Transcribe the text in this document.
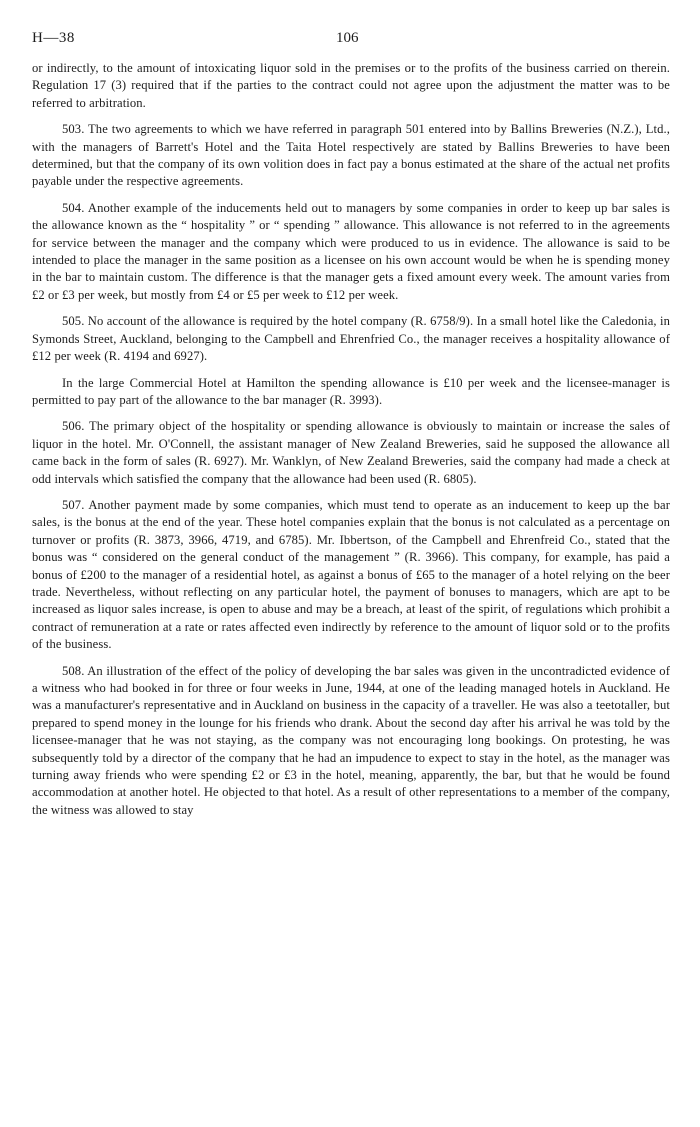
H—38	106

or indirectly, to the amount of intoxicating liquor sold in the premises or to the profits of the business carried on therein. Regulation 17 (3) required that if the parties to the contract could not agree upon the adjustment the matter was to be referred to arbitration.

503. The two agreements to which we have referred in paragraph 501 entered into by Ballins Breweries (N.Z.), Ltd., with the managers of Barrett's Hotel and the Taita Hotel respectively are stated by Ballins Breweries to have been determined, but that the company of its own volition does in fact pay a bonus estimated at the share of the actual net profits payable under the respective agreements.

504. Another example of the inducements held out to managers by some companies in order to keep up bar sales is the allowance known as the “ hospitality ” or “ spending ” allowance. This allowance is not referred to in the agreements for service between the manager and the company which were produced to us in evidence. The allowance is said to be intended to place the manager in the same position as a licensee on his own account would be when he is spending money in the bar to maintain custom. The difference is that the manager gets a fixed amount every week. The amount varies from £2 or £3 per week, but mostly from £4 or £5 per week to £12 per week.

505. No account of the allowance is required by the hotel company (R. 6758/9). In a small hotel like the Caledonia, in Symonds Street, Auckland, belonging to the Campbell and Ehrenfried Co., the manager receives a hospitality allowance of £12 per week (R. 4194 and 6927).

In the large Commercial Hotel at Hamilton the spending allowance is £10 per week and the licensee-manager is permitted to pay part of the allowance to the bar manager (R. 3993).

506. The primary object of the hospitality or spending allowance is obviously to maintain or increase the sales of liquor in the hotel. Mr. O'Connell, the assistant manager of New Zealand Breweries, said he supposed the allowance all came back in the form of sales (R. 6927). Mr. Wanklyn, of New Zealand Breweries, said the company had made a check at odd intervals which satisfied the company that the allowance had been used (R. 6805).

507. Another payment made by some companies, which must tend to operate as an inducement to keep up the bar sales, is the bonus at the end of the year. These hotel companies explain that the bonus is not calculated as a percentage on turnover or profits (R. 3873, 3966, 4719, and 6785). Mr. Ibbertson, of the Campbell and Ehrenfreid Co., stated that the bonus was “ considered on the general conduct of the management ” (R. 3966). This company, for example, has paid a bonus of £200 to the manager of a residential hotel, as against a bonus of £65 to the manager of a hotel relying on the beer trade. Nevertheless, without reflecting on any particular hotel, the payment of bonuses to managers, which are apt to be increased as liquor sales increase, is open to abuse and may be a breach, at least of the spirit, of regulations which prohibit a contract of remuneration at a rate or rates affected even indirectly by reference to the amount of liquor sold or to the profits of the business.

508. An illustration of the effect of the policy of developing the bar sales was given in the uncontradicted evidence of a witness who had booked in for three or four weeks in June, 1944, at one of the leading managed hotels in Auckland. He was a manufacturer's representative and in Auckland on business in the capacity of a traveller. He was also a teetotaller, but prepared to spend money in the lounge for his friends who drank. About the second day after his arrival he was told by the licensee-manager that he was not staying, as the company was not encouraging long bookings. On protesting, he was subsequently told by a director of the company that he had an impudence to expect to stay in the hotel, as the manager was turning away friends who were spending £2 or £3 in the hotel, meaning, apparently, the bar, but that he would be found accommodation at another hotel. He objected to that hotel. As a result of other representations to a member of the company, the witness was allowed to stay
